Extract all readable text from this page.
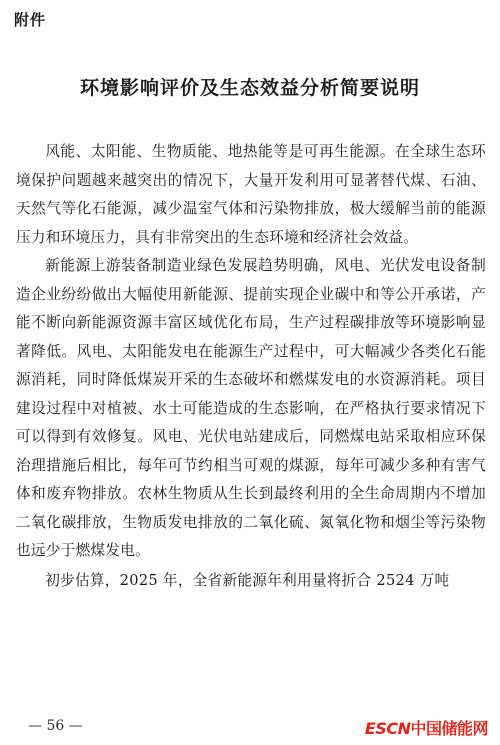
附件
环境影响评价及生态效益分析简要说明

风能、太阳能、生物质能、地热能等是可再生能源。在全球生态环境保护问题越来越突出的情况下，大量开发利用可显著替代煤、石油、天然气等化石能源，减少温室气体和污染物排放，极大缓解当前的能源压力和环境压力，具有非常突出的生态环境和经济社会效益。

新能源上游装备制造业绿色发展趋势明确，风电、光伏发电设备制造企业纷纷做出大幅使用新能源、提前实现企业碳中和等公开承诺，产能不断向新能源资源丰富区域优化布局，生产过程碳排放等环境影响显著降低。风电、太阳能发电在能源生产过程中，可大幅减少各类化石能源消耗，同时降低煤炭开采的生态破坏和燃煤发电的水资源消耗。项目建设过程中对植被、水土可能造成的生态影响，在严格执行要求情况下可以得到有效修复。风电、光伏电站建成后，同燃煤电站采取相应环保治理措施后相比，每年可节约相当可观的煤源，每年可减少多种有害气体和废弃物排放。农林生物质从生长到最终利用的全生命周期内不增加二氧化碳排放，生物质发电排放的二氧化硫、氮氧化物和烟尘等污染物也远少于燃煤发电。

初步估算，2025 年，全省新能源年利用量将折合 2524 万吨

— 56 —	ESCN中国储能网
